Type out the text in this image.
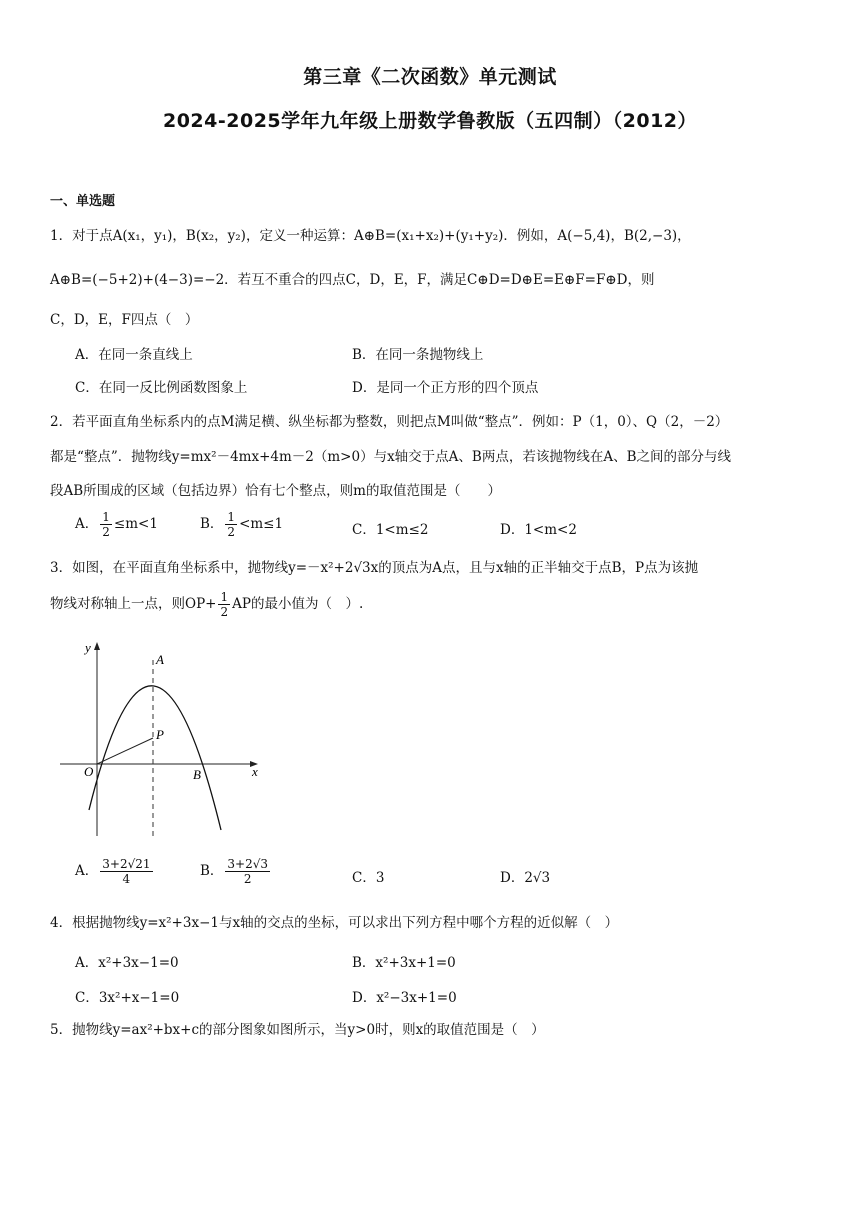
第三章《二次函数》单元测试
2024-2025学年九年级上册数学鲁教版（五四制）（2012）
一、单选题
1．对于点A(x₁，y₁)，B(x₂，y₂)，定义一种运算：A⊕B=(x₁+x₂)+(y₁+y₂)．例如，A(−5,4)，B(2,−3)，
A⊕B=(−5+2)+(4−3)=−2．若互不重合的四点C，D，E，F，满足C⊕D=D⊕E=E⊕F=F⊕D，则
C，D，E，F四点（　）
A．在同一条直线上	B．在同一条抛物线上
C．在同一反比例函数图象上	D．是同一个正方形的四个顶点
2．若平面直角坐标系内的点M满足横、纵坐标都为整数，则把点M叫做“整点”．例如：P（1，0）、Q（2，－2）
都是“整点”．抛物线y=mx²－4mx+4m－2（m>0）与x轴交于点A、B两点，若该抛物线在A、B之间的部分与线
段AB所围成的区域（包括边界）恰有七个整点，则m的取值范围是（　　）
A． $\frac{1}{2} \le m<1$	B． $\frac{1}{2} <m\le 1$	C．1<m≤2	D．1<m<2
3．如图，在平面直角坐标系中，抛物线y=－x²+2√3x的顶点为A点，且与x轴的正半轴交于点B，P点为该抛
物线对称轴上一点，则$OP+ \frac{1}{2}$ AP的最小值为（　）.
y
x
A
P
O	B
A． $\frac{3+2√21}{4}$	B． $\frac{3+2√3}{2}$	C．3	D．2√3
4．根据抛物线y=x²+3x−1与x轴的交点的坐标，可以求出下列方程中哪个方程的近似解（　）
A．x²+3x−1=0	B．x²+3x+1=0
C．3x²+x−1=0	D．x²−3x+1=0
5．抛物线y=ax²+bx+c的部分图象如图所示，当y>0时，则x的取值范围是（　）
